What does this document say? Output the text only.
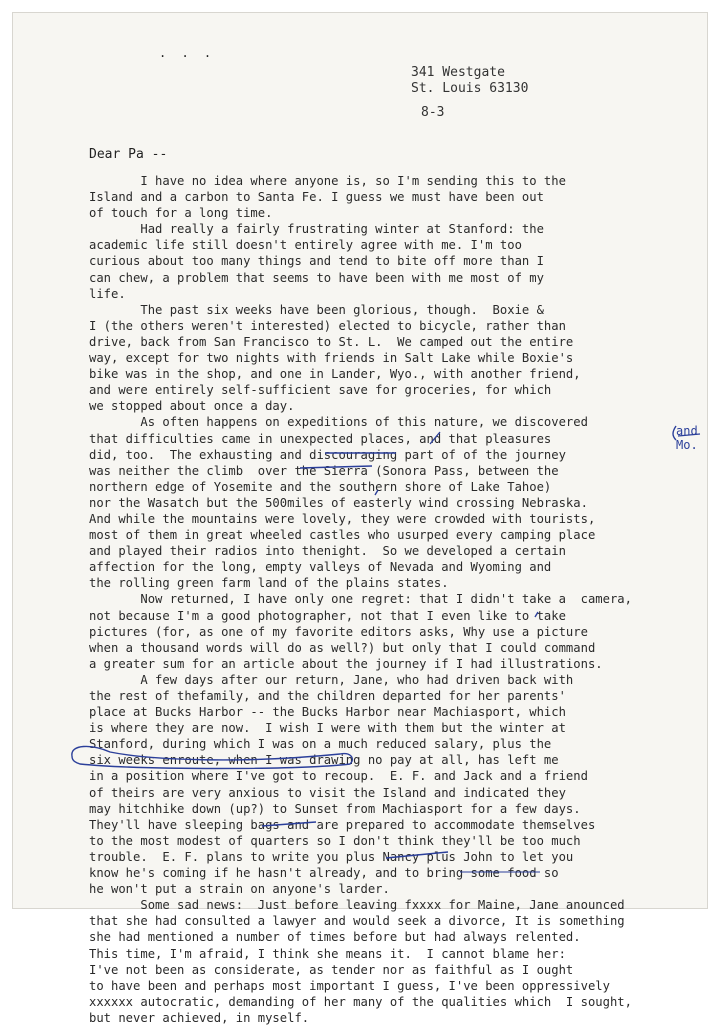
. . .
341 Westgate
St. Louis 63130
8-3
Dear Pa --
I have no idea where anyone is, so I'm sending this to the
Island and a carbon to Santa Fe. I guess we must have been out
of touch for a long time.
Had really a fairly frustrating winter at Stanford: the
academic life still doesn't entirely agree with me. I'm too
curious about too many things and tend to bite off more than I
can chew, a problem that seems to have been with me most of my
life.
The past six weeks have been glorious, though.  Boxie &
I (the others weren't interested) elected to bicycle, rather than
drive, back from San Francisco to St. L.  We camped out the entire
way, except for two nights with friends in Salt Lake while Boxie's
bike was in the shop, and one in Lander, Wyo., with another friend,
and were entirely self-sufficient save for groceries, for which
we stopped about once a day.
As often happens on expeditions of this nature, we discovered
that difficulties came in unexpected places, and that pleasures
did, too.  The exhausting and discouraging part of of the journey
was neither the climb  over the Sierra (Sonora Pass, between the
northern edge of Yosemite and the southern shore of Lake Tahoe)
nor the Wasatch but the 500miles of easterly wind crossing Nebraska.
And while the mountains were lovely, they were crowded with tourists,
most of them in great wheeled castles who usurped every camping place
and played their radios into thenight.  So we developed a certain
affection for the long, empty valleys of Nevada and Wyoming and
the rolling green farm land of the plains states.
Now returned, I have only one regret: that I didn't take a  camera,
not because I'm a good photographer, not that I even like to take
pictures (for, as one of my favorite editors asks, Why use a picture
when a thousand words will do as well?) but only that I could command
a greater sum for an article about the journey if I had illustrations.
A few days after our return, Jane, who had driven back with
the rest of thefamily, and the children departed for her parents'
place at Bucks Harbor -- the Bucks Harbor near Machiasport, which
is where they are now.  I wish I were with them but the winter at
Stanford, during which I was on a much reduced salary, plus the
six weeks enroute, when I was drawing no pay at all, has left me
in a position where I've got to recoup.  E. F. and Jack and a friend
of theirs are very anxious to visit the Island and indicated they
may hitchhike down (up?) to Sunset from Machiasport for a few days.
They'll have sleeping bags and are prepared to accommodate themselves
to the most modest of quarters so I don't think they'll be too much
trouble.  E. F. plans to write you plus Nancy plus John to let you
know he's coming if he hasn't already, and to bring some food so
he won't put a strain on anyone's larder.
Some sad news:  Just before leaving fxxxx for Maine, Jane anounced
that she had consulted a lawyer and would seek a divorce, It is something
she had mentioned a number of times before but had always relented.
This time, I'm afraid, I think she means it.  I cannot blame her:
I've not been as considerate, as tender nor as faithful as I ought
to have been and perhaps most important I guess, I've been oppressively
xxxxxx autocratic, demanding of her many of the qualities which  I sought,
but never achieved, in myself.
and Mo.
